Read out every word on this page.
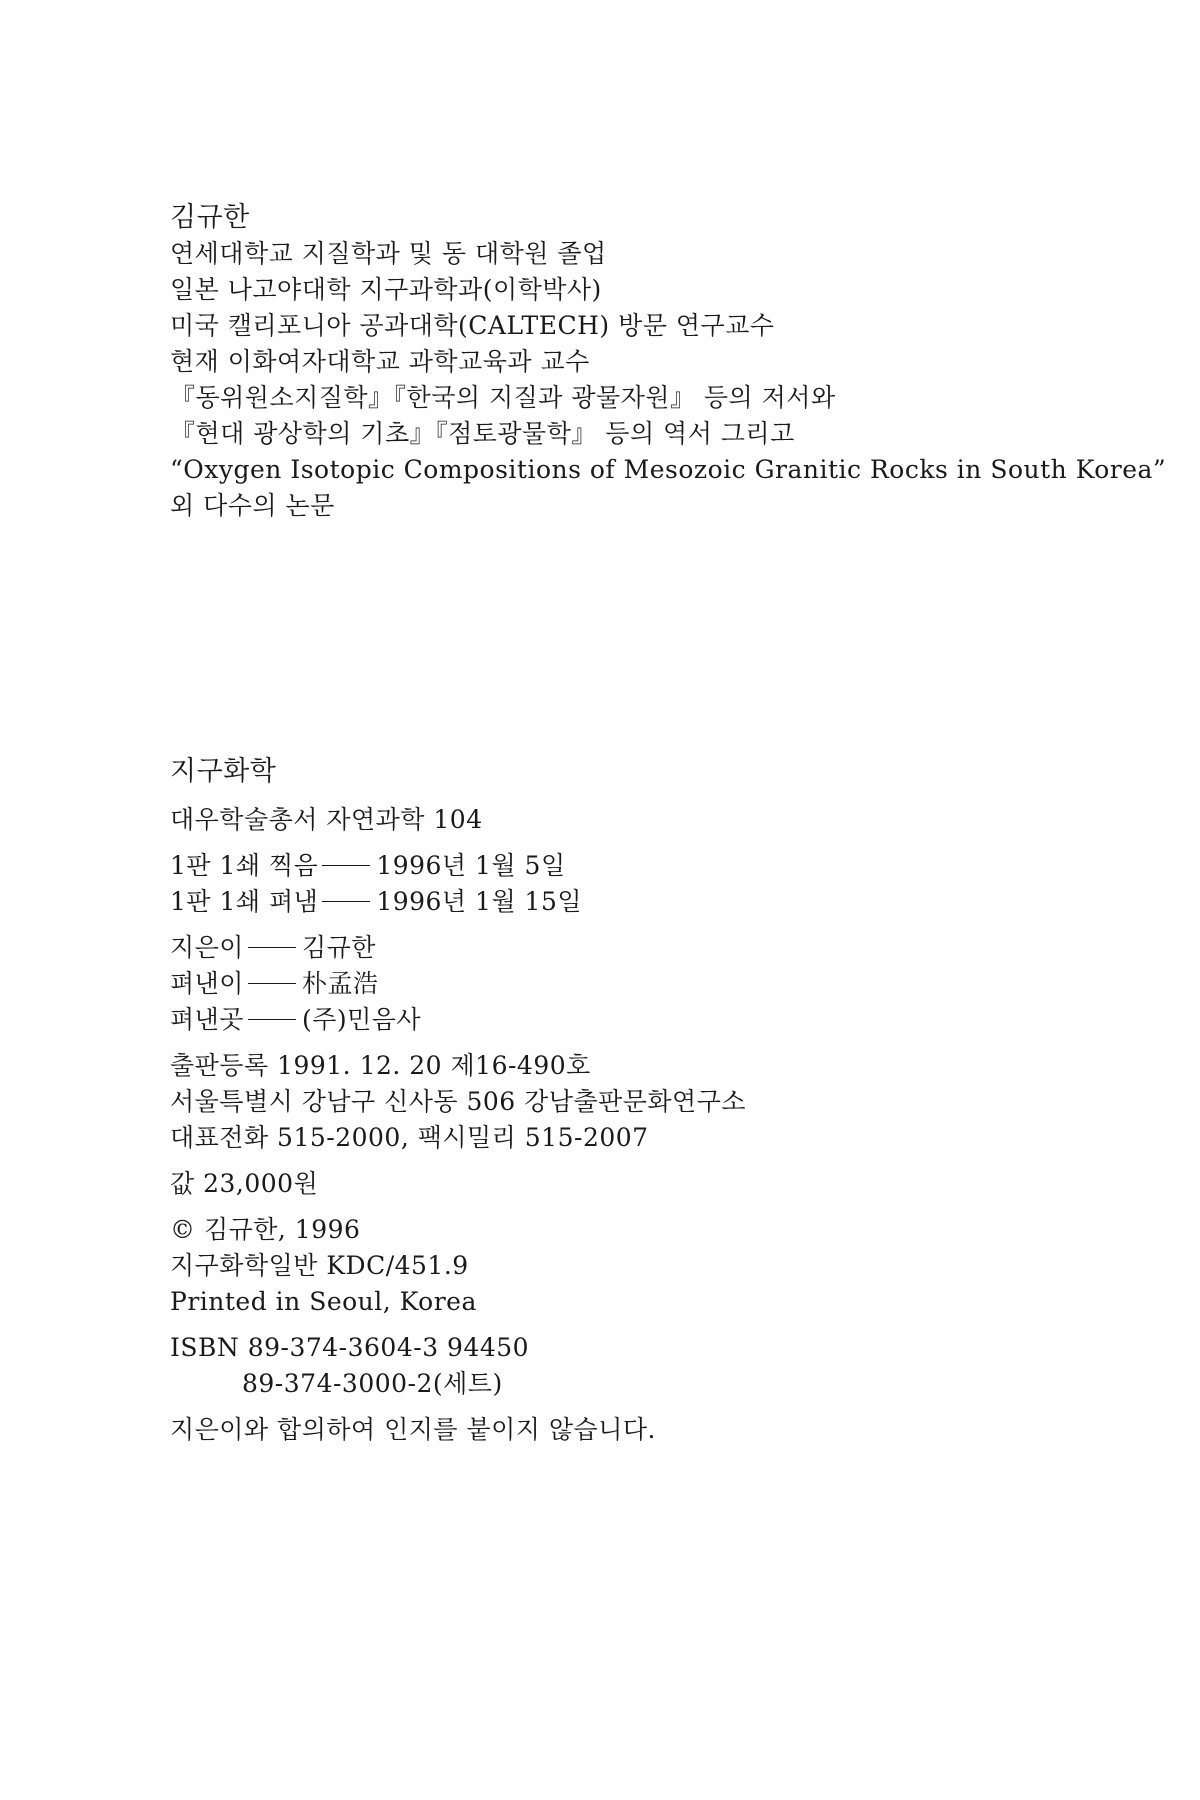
김규한
연세대학교 지질학과 및 동 대학원 졸업
일본 나고야대학 지구과학과(이학박사)
미국 캘리포니아 공과대학(CALTECH) 방문 연구교수
현재 이화여자대학교 과학교육과 교수
『동위원소지질학』『한국의 지질과 광물자원』 등의 저서와
『현대 광상학의 기초』『점토광물학』 등의 역서 그리고
“Oxygen Isotopic Compositions of Mesozoic Granitic Rocks in South Korea”
외 다수의 논문
지구화학
대우학술총서 자연과학 104
1판 1쇄 찍음 1996년 1월 5일
1판 1쇄 펴냄 1996년 1월 15일
지은이 김규한
펴낸이 朴孟浩
펴낸곳 (주)민음사
출판등록 1991. 12. 20 제16-490호
서울특별시 강남구 신사동 506 강남출판문화연구소
대표전화 515-2000, 팩시밀리 515-2007
값 23,000원
© 김규한, 1996
지구화학일반 KDC/451.9
Printed in Seoul, Korea
ISBN 89-374-3604-3 94450
89-374-3000-2(세트)
지은이와 합의하여 인지를 붙이지 않습니다.
